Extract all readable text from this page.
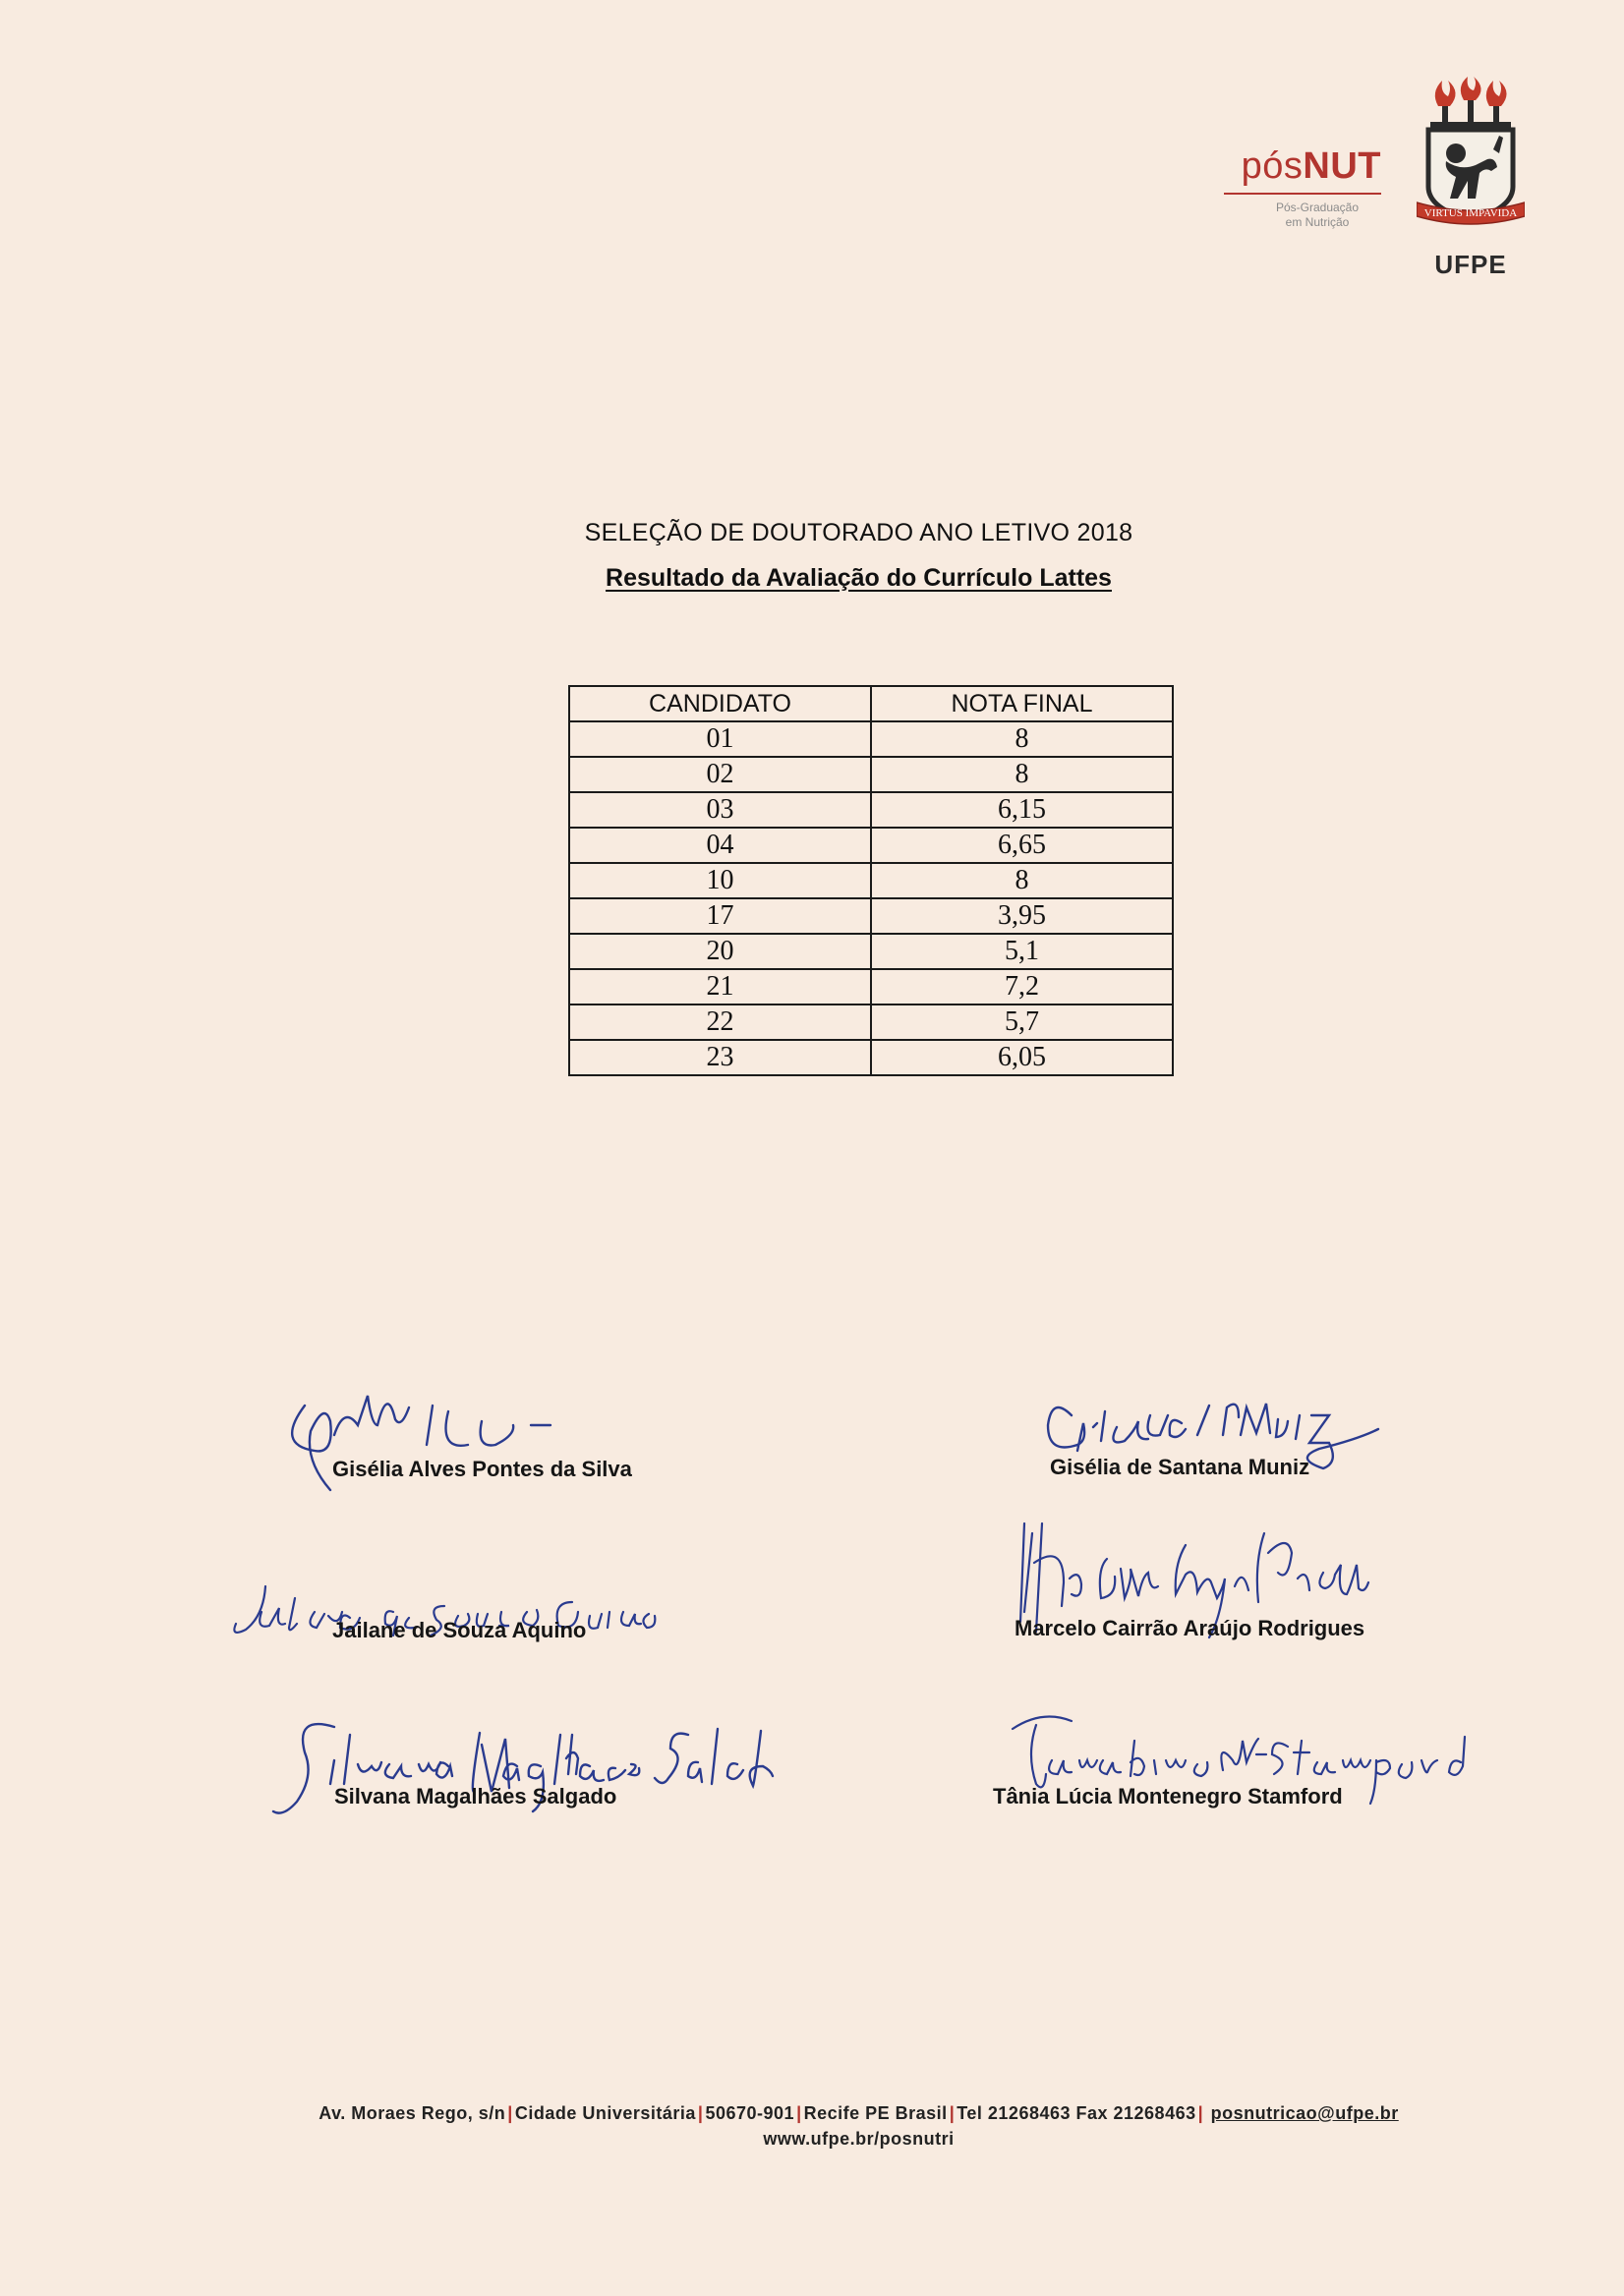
pósNUT
Pós-Graduação
em Nutrição
VIRTUS IMPAVIDA
UFPE
SELEÇÃO DE DOUTORADO ANO LETIVO 2018
Resultado da Avaliação do Currículo Lattes
CANDIDATO	NOTA FINAL
01	8
02	8
03	6,15
04	6,65
10	8
17	3,95
20	5,1
21	7,2
22	5,7
23	6,05
Gisélia Alves Pontes da Silva	Gisélia de Santana Muniz
Jailane de Souza Aquino	Marcelo Cairrão Araújo Rodrigues
Silvana Magalhães Salgado	Tânia Lúcia Montenegro Stamford
Av. Moraes Rego, s/n | Cidade Universitária | 50670-901 | Recife PE Brasil | Tel 21268463 Fax 21268463 | posnutricao@ufpe.br
www.ufpe.br/posnutri
